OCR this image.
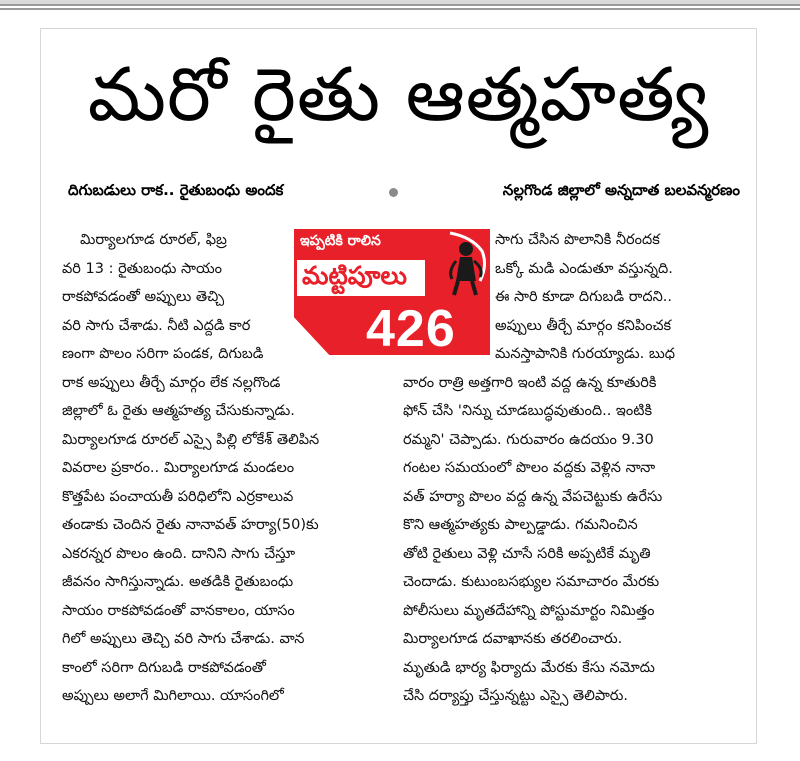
మరో రైతు ఆత్మహత్య
దిగుబడులు రాక.. రైతుబంధు అందక	నల్లగొండ జిల్లాలో అన్నదాత బలవన్మరణం
మిర్యాలగూడ రూరల్, ఫిబ్ర
వరి 13 : రైతుబంధు సాయం
రాకపోవడంతో అప్పులు తెచ్చి
వరి సాగు చేశాడు. నీటి ఎద్దడి కార
ణంగా పొలం సరిగా పండక, దిగుబడి
రాక అప్పులు తీర్చే మార్గం లేక నల్లగొండ
జిల్లాలో ఓ రైతు ఆత్మహత్య చేసుకున్నాడు.
మిర్యాలగూడ రూరల్ ఎస్సై పిల్లి లోకేశ్ తెలిపిన
వివరాల ప్రకారం.. మిర్యాలగూడ మండలం
కొత్తపేట పంచాయతీ పరిధిలోని ఎర్రకాలువ
తండాకు చెందిన రైతు నానావత్ హర్యా(50)కు
ఎకరన్నర పొలం ఉంది. దానిని సాగు చేస్తూ
జీవనం సాగిస్తున్నాడు. అతడికి రైతుబంధు
సాయం రాకపోవడంతో వానకాలం, యాసం
గిలో అప్పులు తెచ్చి వరి సాగు చేశాడు. వాన
కాంలో సరిగా దిగుబడి రాకపోవడంతో
అప్పులు అలాగే మిగిలాయి. యాసంగిలో
సాగు చేసిన పొలానికి నీరందక
ఒక్కో మడి ఎండుతూ వస్తున్నది.
ఈ సారి కూడా దిగుబడి రాదని..
అప్పులు తీర్చే మార్గం కనిపించక
మనస్తాపానికి గురయ్యాడు. బుధ
వారం రాత్రి అత్తగారి ఇంటి వద్ద ఉన్న కూతురికి
ఫోన్ చేసి 'నిన్ను చూడబుద్ధవుతుంది.. ఇంటికి
రమ్మని' చెప్పాడు. గురువారం ఉదయం 9.30
గంటల సమయంలో పొలం వద్దకు వెళ్లిన నానా
వత్ హర్యా పొలం వద్ద ఉన్న వేపచెట్టుకు ఉరేసు
కొని ఆత్మహత్యకు పాల్పడ్డాడు. గమనించిన
తోటి రైతులు వెళ్లి చూసే సరికి అప్పటికే మృతి
చెందాడు. కుటుంబసభ్యుల సమాచారం మేరకు
పోలీసులు మృతదేహాన్ని పోస్టుమార్టం నిమిత్తం
మిర్యాలగూడ దవాఖానకు తరలించారు.
మృతుడి భార్య ఫిర్యాదు మేరకు కేసు నమోదు
చేసి దర్యాప్తు చేస్తున్నట్టు ఎస్సై తెలిపారు.
ఇప్పటికి రాలిన
మట్టిపూలు
426
